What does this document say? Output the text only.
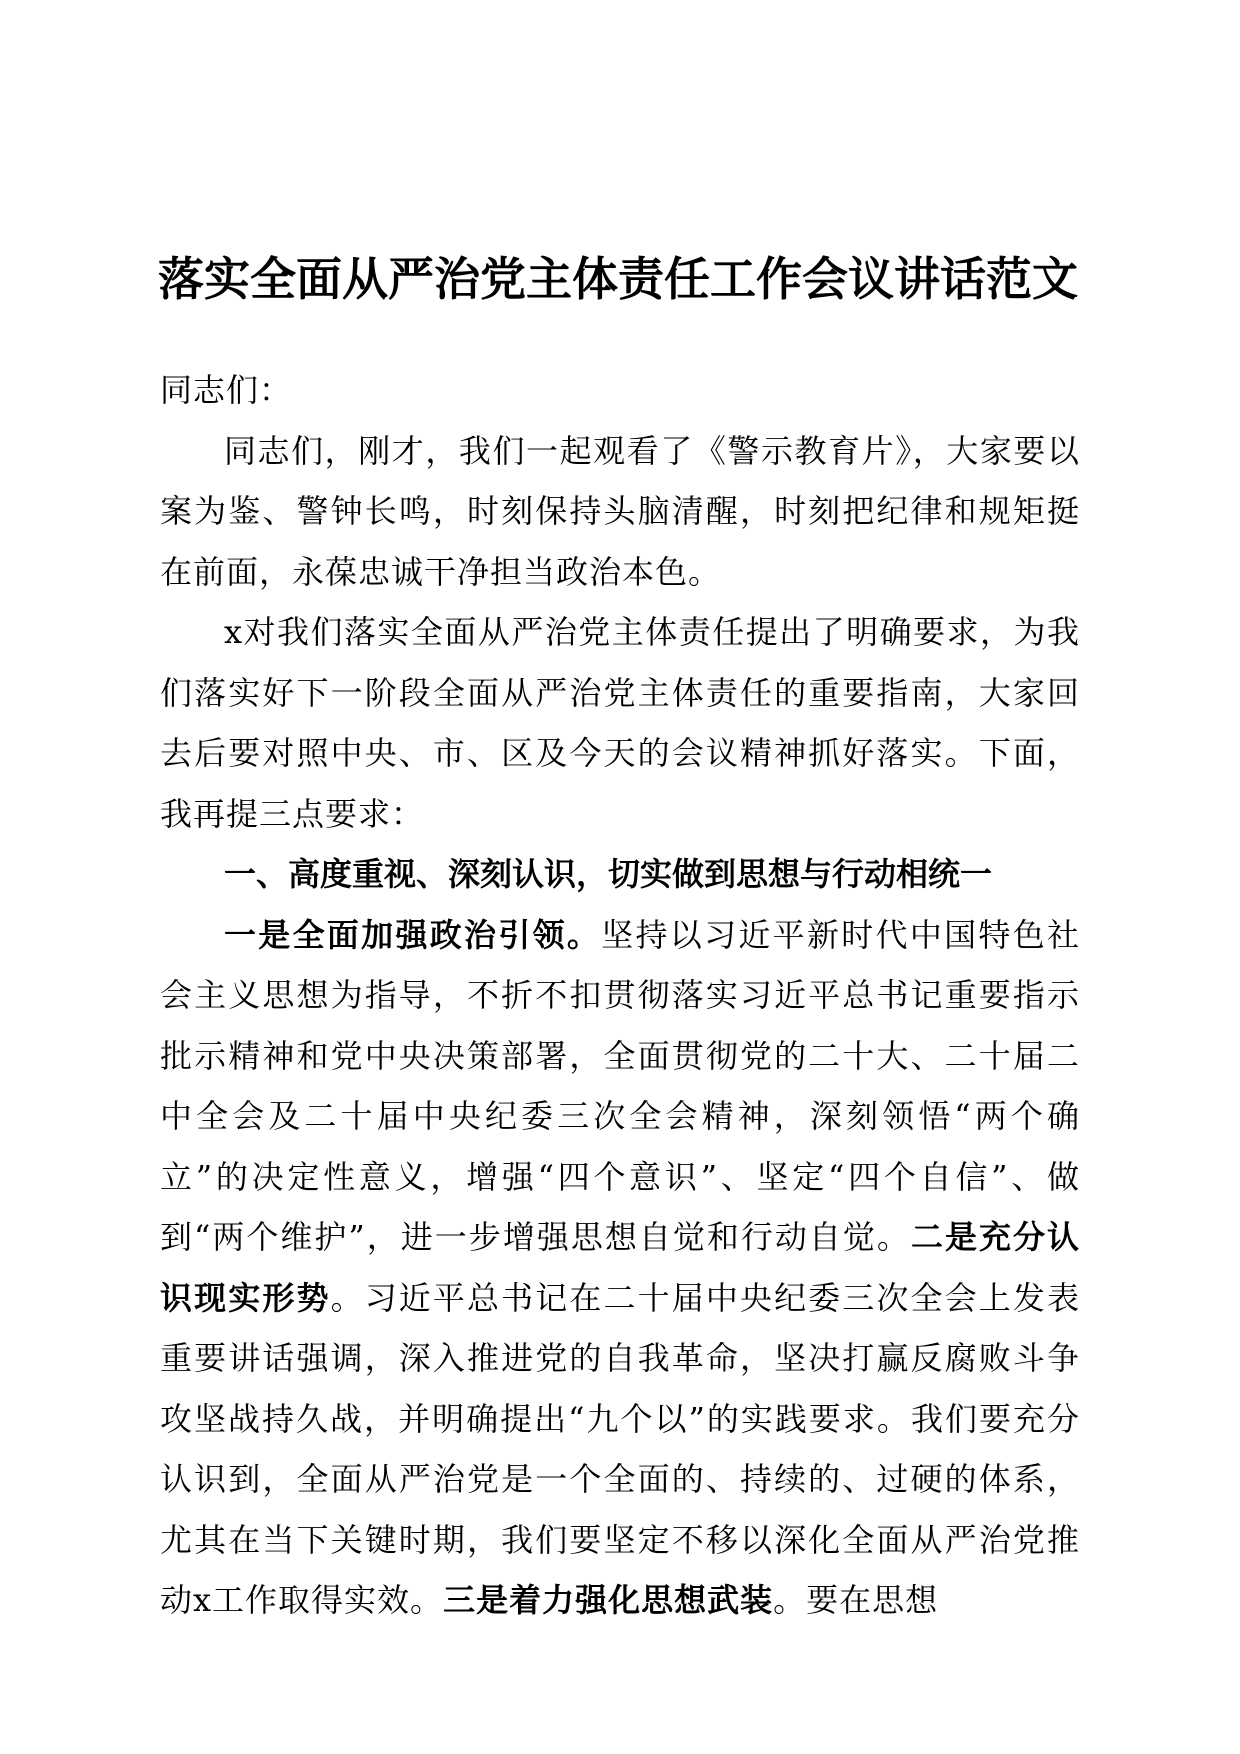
落实全面从严治党主体责任工作会议讲话范文

同志们：

同志们，刚才，我们一起观看了《警示教育片》，大家要以案为鉴、警钟长鸣，时刻保持头脑清醒，时刻把纪律和规矩挺在前面，永葆忠诚干净担当政治本色。

x对我们落实全面从严治党主体责任提出了明确要求，为我们落实好下一阶段全面从严治党主体责任的重要指南，大家回去后要对照中央、市、区及今天的会议精神抓好落实。下面，我再提三点要求：

一、高度重视、深刻认识，切实做到思想与行动相统一

一是全面加强政治引领。坚持以习近平新时代中国特色社会主义思想为指导，不折不扣贯彻落实习近平总书记重要指示批示精神和党中央决策部署，全面贯彻党的二十大、二十届二中全会及二十届中央纪委三次全会精神，深刻领悟“两个确立”的决定性意义，增强“四个意识”、坚定“四个自信”、做到“两个维护”，进一步增强思想自觉和行动自觉。二是充分认识现实形势。习近平总书记在二十届中央纪委三次全会上发表重要讲话强调，深入推进党的自我革命，坚决打赢反腐败斗争攻坚战持久战，并明确提出“九个以”的实践要求。我们要充分认识到，全面从严治党是一个全面的、持续的、过硬的体系，尤其在当下关键时期，我们要坚定不移以深化全面从严治党推动x工作取得实效。三是着力强化思想武装。要在思想
